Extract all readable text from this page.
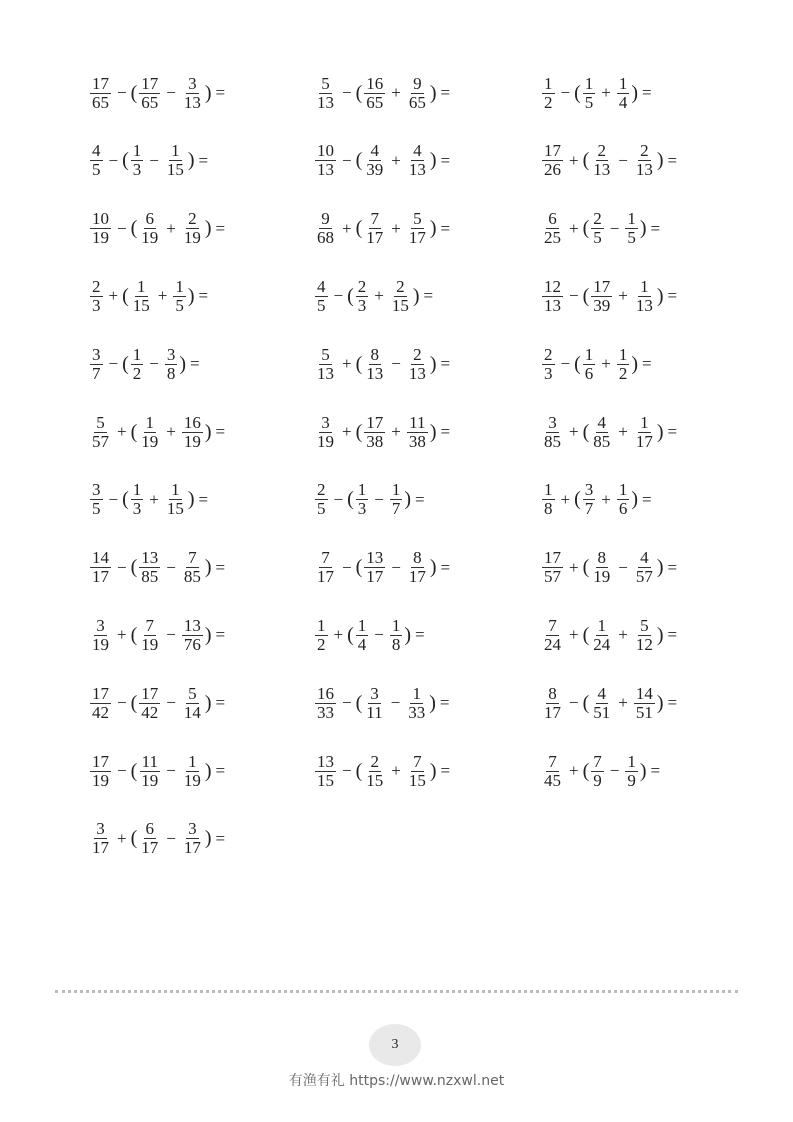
$\frac{17}{65}$ − ( $\frac{17}{65} - \frac{3}{13}$ ) =	$\frac{5}{13}$ − ( $\frac{16}{65} + \frac{9}{65}$ ) =	$\frac{1}{2}$ − ( $\frac{1}{5} + \frac{1}{4}$ ) =
$\frac{4}{5}$ − ( $\frac{1}{3} - \frac{1}{15}$ ) =	$\frac{10}{13}$ − ( $\frac{4}{39} + \frac{4}{13}$ ) =	$\frac{17}{26}$ + ( $\frac{2}{13} - \frac{2}{13}$ ) =
$\frac{10}{19}$ − ( $\frac{6}{19} + \frac{2}{19}$ ) =	$\frac{9}{68}$ + ( $\frac{7}{17} + \frac{5}{17}$ ) =	$\frac{6}{25}$ + ( $\frac{2}{5} - \frac{1}{5}$ ) =
$\frac{2}{3}$ + ( $\frac{1}{15} + \frac{1}{5}$ ) =	$\frac{4}{5}$ − ( $\frac{2}{3} + \frac{2}{15}$ ) =	$\frac{12}{13}$ − ( $\frac{17}{39} + \frac{1}{13}$ ) =
$\frac{3}{7}$ − ( $\frac{1}{2} - \frac{3}{8}$ ) =	$\frac{5}{13}$ + ( $\frac{8}{13} - \frac{2}{13}$ ) =	$\frac{2}{3}$ − ( $\frac{1}{6} + \frac{1}{2}$ ) =
$\frac{5}{57}$ + ( $\frac{1}{19} + \frac{16}{19}$ ) =	$\frac{3}{19}$ + ( $\frac{17}{38} + \frac{11}{38}$ ) =	$\frac{3}{85}$ + ( $\frac{4}{85} + \frac{1}{17}$ ) =
$\frac{3}{5}$ − ( $\frac{1}{3} + \frac{1}{15}$ ) =	$\frac{2}{5}$ − ( $\frac{1}{3} - \frac{1}{7}$ ) =	$\frac{1}{8}$ + ( $\frac{3}{7} + \frac{1}{6}$ ) =
$\frac{14}{17}$ − ( $\frac{13}{85} - \frac{7}{85}$ ) =	$\frac{7}{17}$ − ( $\frac{13}{17} - \frac{8}{17}$ ) =	$\frac{17}{57}$ + ( $\frac{8}{19} - \frac{4}{57}$ ) =
$\frac{3}{19}$ + ( $\frac{7}{19} - \frac{13}{76}$ ) =	$\frac{1}{2}$ + ( $\frac{1}{4} - \frac{1}{8}$ ) =	$\frac{7}{24}$ + ( $\frac{1}{24} + \frac{5}{12}$ ) =
$\frac{17}{42}$ − ( $\frac{17}{42} - \frac{5}{14}$ ) =	$\frac{16}{33}$ − ( $\frac{3}{11} - \frac{1}{33}$ ) =	$\frac{8}{17}$ − ( $\frac{4}{51} + \frac{14}{51}$ ) =
$\frac{17}{19}$ − ( $\frac{11}{19} - \frac{1}{19}$ ) =	$\frac{13}{15}$ − ( $\frac{2}{15} + \frac{7}{15}$ ) =	$\frac{7}{45}$ + ( $\frac{7}{9} - \frac{1}{9}$ ) =
$\frac{3}{17}$ + ( $\frac{6}{17} - \frac{3}{17}$ ) =
3
有渔有礼 https://www.nzxwl.net
